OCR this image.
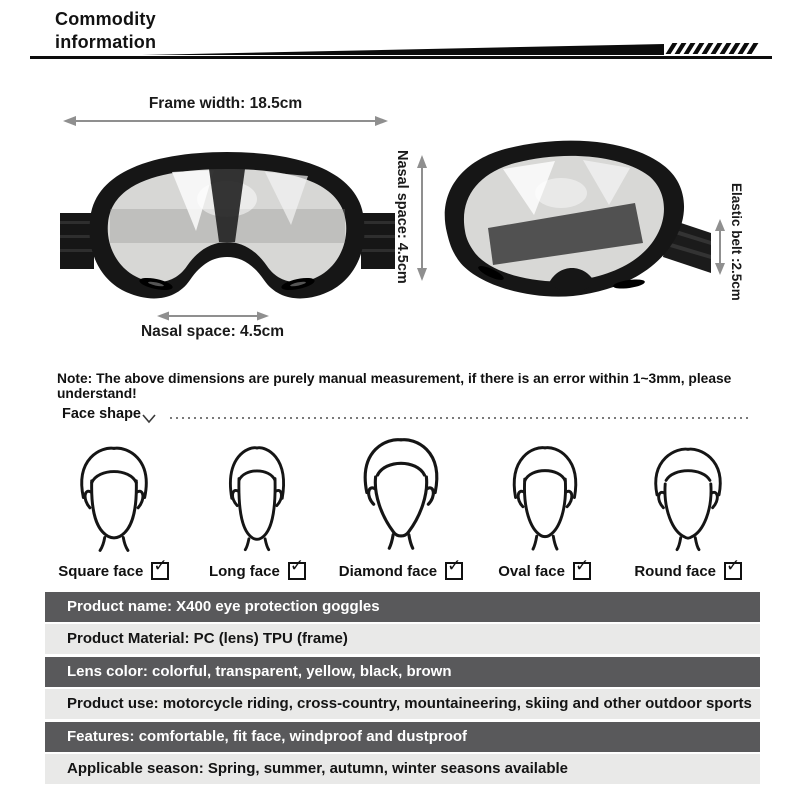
Commodity
information
Frame width: 18.5cm
Nasal space: 4.5cm	Elastic belt :2.5cm
Nasal space: 4.5cm
Note: The above dimensions are purely manual measurement, if there is an error within 1~3mm, please understand!
Face shape
Square face ✓	Long face ✓ Diamond face ✓ Oval face ✓	Round face ✓
Product name: X400 eye protection goggles
Product Material: PC (lens) TPU (frame)
Lens color: colorful, transparent, yellow, black, brown
Product use: motorcycle riding, cross-country, mountaineering, skiing and other outdoor sports
Features: comfortable, fit face, windproof and dustproof
Applicable season: Spring, summer, autumn, winter seasons available
